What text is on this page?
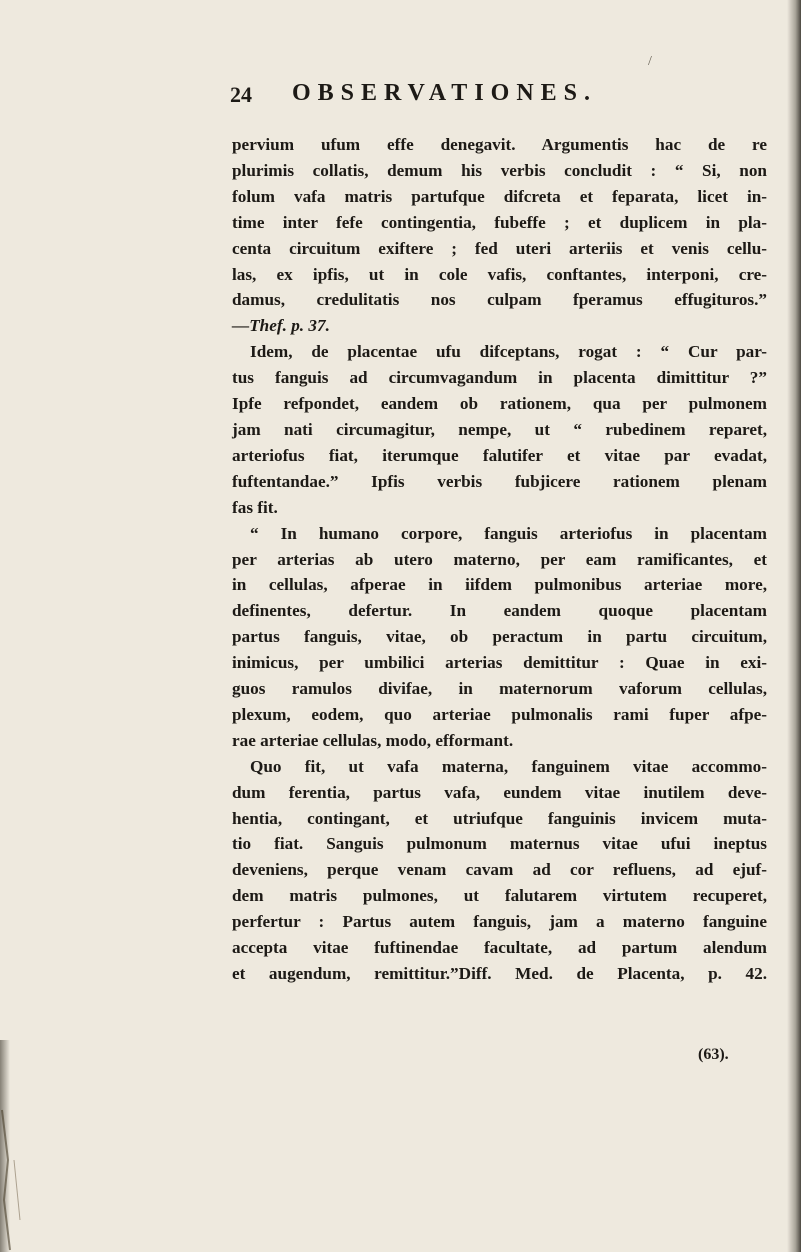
24 OBSERVATIONES.
/
pervium ufum effe denegavit. Argumentis hac de re
plurimis collatis, demum his verbis concludit : “ Si, non
folum vafa matris partufque difcreta et feparata, licet in-
time inter fefe contingentia, fubeffe ; et duplicem in pla-
centa circuitum exiftere ; fed uteri arteriis et venis cellu-
las, ex ipfis, ut in cole vafis, conftantes, interponi, cre-
damus, credulitatis nos culpam fperamus effugituros.”
—Thef. p. 37.
Idem, de placentae ufu difceptans, rogat : “ Cur par-
tus fanguis ad circumvagandum in placenta dimittitur ?”
Ipfe refpondet, eandem ob rationem, qua per pulmonem
jam nati circumagitur, nempe, ut “ rubedinem reparet,
arteriofus fiat, iterumque falutifer et vitae par evadat,
fuftentandae.” Ipfis verbis fubjicere rationem plenam
fas fit.
“ In humano corpore, fanguis arteriofus in placentam
per arterias ab utero materno, per eam ramificantes, et
in cellulas, afperae in iifdem pulmonibus arteriae more,
definentes, defertur. In eandem quoque placentam
partus fanguis, vitae, ob peractum in partu circuitum,
inimicus, per umbilici arterias demittitur : Quae in exi-
guos ramulos divifae, in maternorum vaforum cellulas,
plexum, eodem, quo arteriae pulmonalis rami fuper afpe-
rae arteriae cellulas, modo, efformant.
Quo fit, ut vafa materna, fanguinem vitae accommo-
dum ferentia, partus vafa, eundem vitae inutilem deve-
hentia, contingant, et utriufque fanguinis invicem muta-
tio fiat. Sanguis pulmonum maternus vitae ufui ineptus
deveniens, perque venam cavam ad cor refluens, ad ejuf-
dem matris pulmones, ut falutarem virtutem recuperet,
perfertur : Partus autem fanguis, jam a materno fanguine
accepta vitae fuftinendae facultate, ad partum alendum
et augendum, remittitur.”Diff. Med. de Placenta, p. 42.
(63).
